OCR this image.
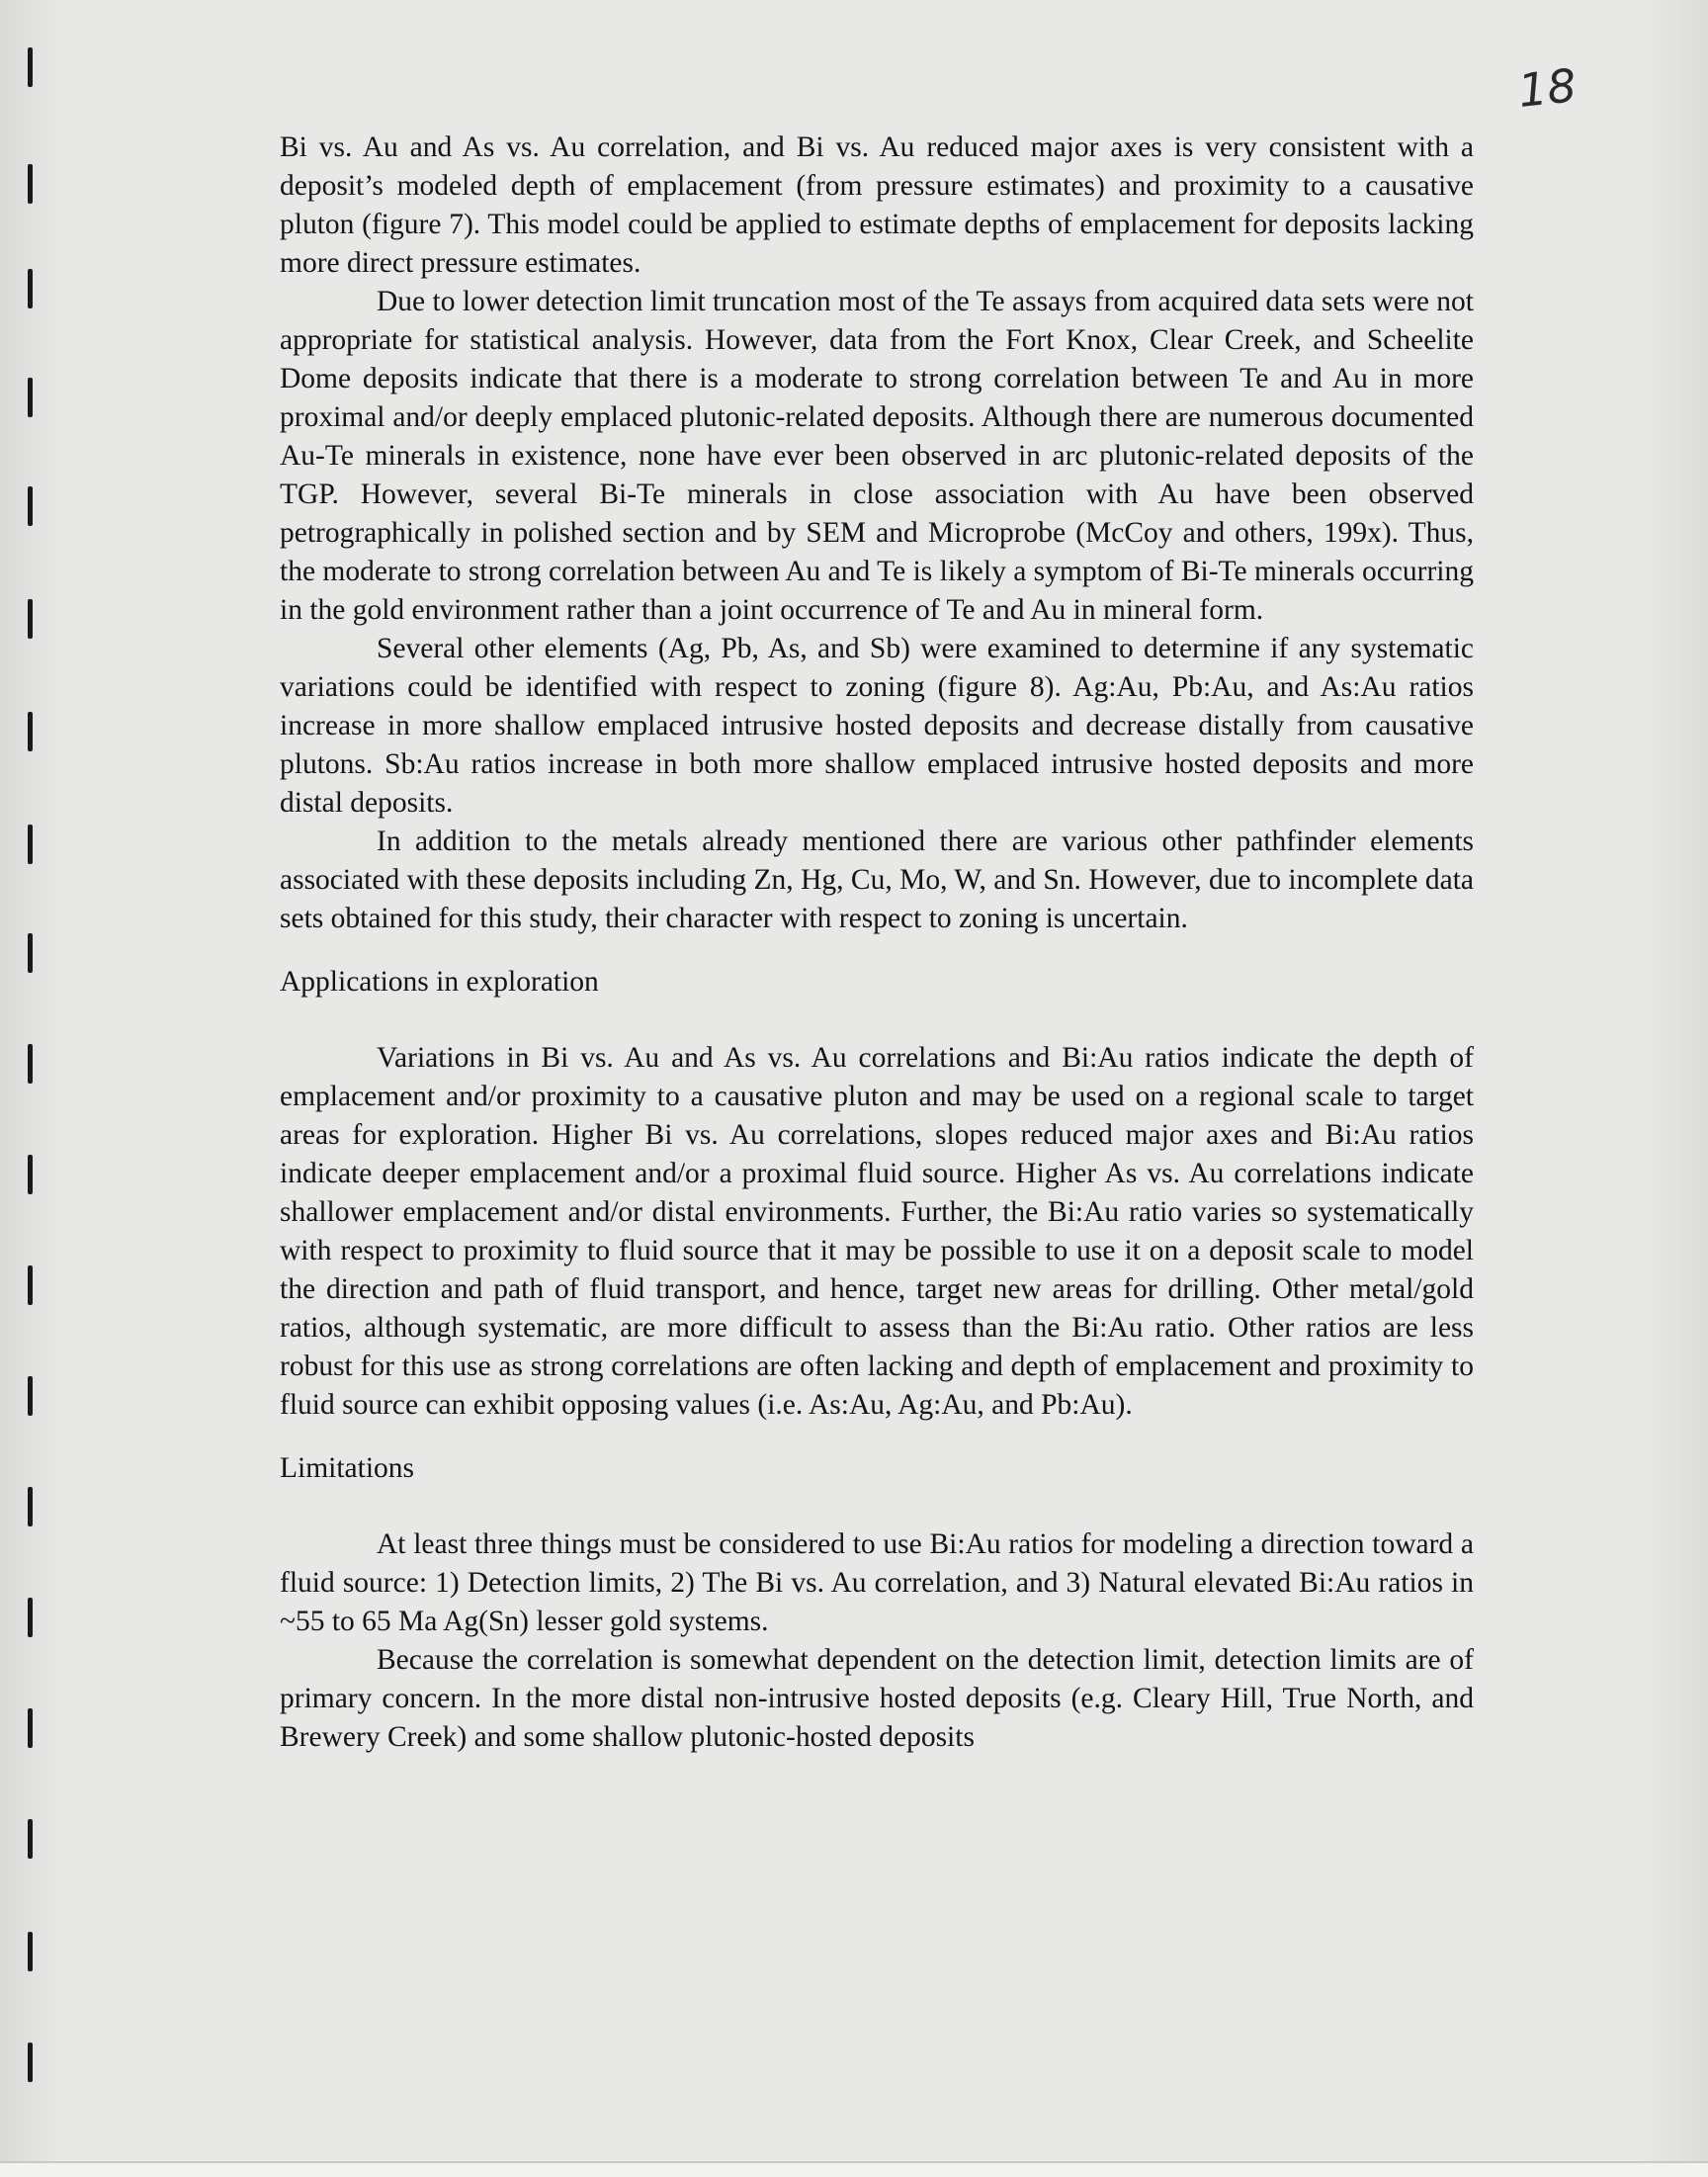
18

Bi vs. Au and As vs. Au correlation, and Bi vs. Au reduced major axes is very consistent with a deposit’s modeled depth of emplacement (from pressure estimates) and proximity to a causative pluton (figure 7). This model could be applied to estimate depths of emplacement for deposits lacking more direct pressure estimates.

Due to lower detection limit truncation most of the Te assays from acquired data sets were not appropriate for statistical analysis. However, data from the Fort Knox, Clear Creek, and Scheelite Dome deposits indicate that there is a moderate to strong correlation between Te and Au in more proximal and/or deeply emplaced plutonic-related deposits. Although there are numerous documented Au-Te minerals in existence, none have ever been observed in arc plutonic-related deposits of the TGP. However, several Bi-Te minerals in close association with Au have been observed petrographically in polished section and by SEM and Microprobe (McCoy and others, 199x). Thus, the moderate to strong correlation between Au and Te is likely a symptom of Bi-Te minerals occurring in the gold environment rather than a joint occurrence of Te and Au in mineral form.

Several other elements (Ag, Pb, As, and Sb) were examined to determine if any systematic variations could be identified with respect to zoning (figure 8). Ag:Au, Pb:Au, and As:Au ratios increase in more shallow emplaced intrusive hosted deposits and decrease distally from causative plutons. Sb:Au ratios increase in both more shallow emplaced intrusive hosted deposits and more distal deposits.

In addition to the metals already mentioned there are various other pathfinder elements associated with these deposits including Zn, Hg, Cu, Mo, W, and Sn. However, due to incomplete data sets obtained for this study, their character with respect to zoning is uncertain.

Applications in exploration

Variations in Bi vs. Au and As vs. Au correlations and Bi:Au ratios indicate the depth of emplacement and/or proximity to a causative pluton and may be used on a regional scale to target areas for exploration. Higher Bi vs. Au correlations, slopes reduced major axes and Bi:Au ratios indicate deeper emplacement and/or a proximal fluid source. Higher As vs. Au correlations indicate shallower emplacement and/or distal environments. Further, the Bi:Au ratio varies so systematically with respect to proximity to fluid source that it may be possible to use it on a deposit scale to model the direction and path of fluid transport, and hence, target new areas for drilling. Other metal/gold ratios, although systematic, are more difficult to assess than the Bi:Au ratio. Other ratios are less robust for this use as strong correlations are often lacking and depth of emplacement and proximity to fluid source can exhibit opposing values (i.e. As:Au, Ag:Au, and Pb:Au).

Limitations

At least three things must be considered to use Bi:Au ratios for modeling a direction toward a fluid source: 1) Detection limits, 2) The Bi vs. Au correlation, and 3) Natural elevated Bi:Au ratios in ~55 to 65 Ma Ag(Sn) lesser gold systems.

Because the correlation is somewhat dependent on the detection limit, detection limits are of primary concern. In the more distal non-intrusive hosted deposits (e.g. Cleary Hill, True North, and Brewery Creek) and some shallow plutonic-hosted deposits
